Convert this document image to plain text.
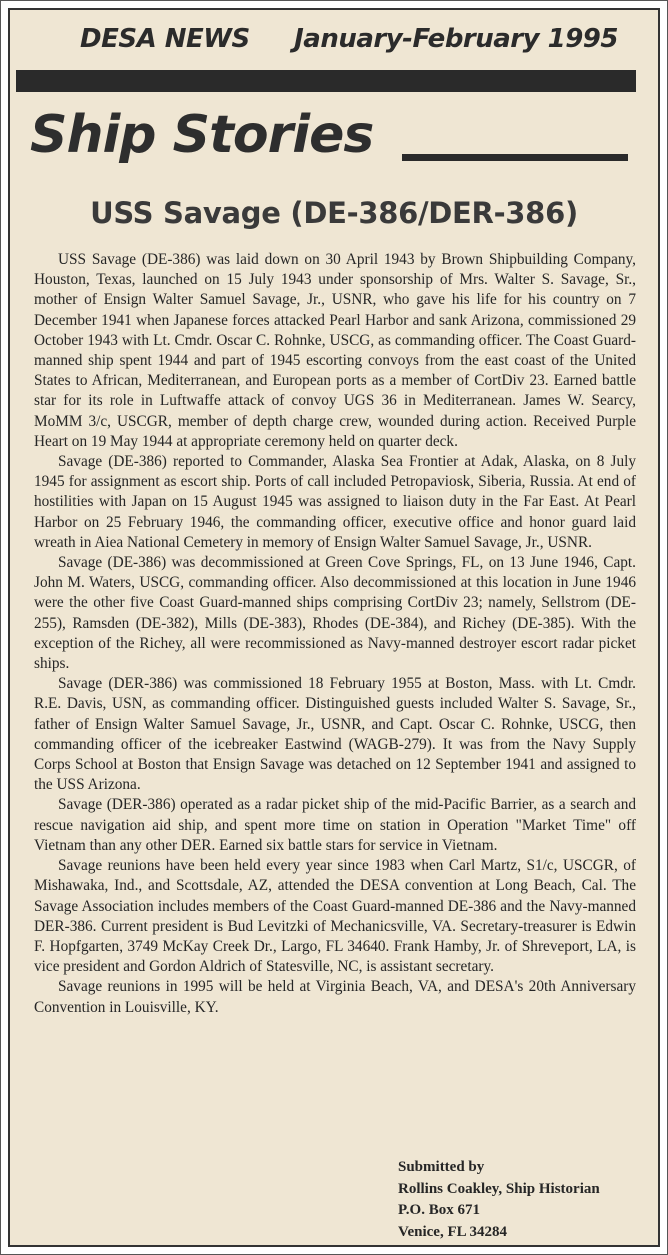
DESA NEWS January-February 1995
Ship Stories
USS Savage (DE-386/DER-386)

USS Savage (DE-386) was laid down on 30 April 1943 by Brown Shipbuilding Company, Houston, Texas, launched on 15 July 1943 under sponsorship of Mrs. Walter S. Savage, Sr., mother of Ensign Walter Samuel Savage, Jr., USNR, who gave his life for his country on 7 December 1941 when Japanese forces attacked Pearl Harbor and sank Arizona, commissioned 29 October 1943 with Lt. Cmdr. Oscar C. Rohnke, USCG, as commanding officer. The Coast Guard-manned ship spent 1944 and part of 1945 escorting convoys from the east coast of the United States to African, Mediterranean, and European ports as a member of CortDiv 23. Earned battle star for its role in Luftwaffe attack of convoy UGS 36 in Mediterranean. James W. Searcy, MoMM 3/c, USCGR, member of depth charge crew, wounded during action. Received Purple Heart on 19 May 1944 at appropriate ceremony held on quarter deck.

Savage (DE-386) reported to Commander, Alaska Sea Frontier at Adak, Alaska, on 8 July 1945 for assignment as escort ship. Ports of call included Petropaviosk, Siberia, Russia. At end of hostilities with Japan on 15 August 1945 was assigned to liaison duty in the Far East. At Pearl Harbor on 25 February 1946, the commanding officer, executive office and honor guard laid wreath in Aiea National Cemetery in memory of Ensign Walter Samuel Savage, Jr., USNR.

Savage (DE-386) was decommissioned at Green Cove Springs, FL, on 13 June 1946, Capt. John M. Waters, USCG, commanding officer. Also decommissioned at this location in June 1946 were the other five Coast Guard-manned ships comprising CortDiv 23; namely, Sellstrom (DE-255), Ramsden (DE-382), Mills (DE-383), Rhodes (DE-384), and Richey (DE-385). With the exception of the Richey, all were recommissioned as Navy-manned destroyer escort radar picket ships.

Savage (DER-386) was commissioned 18 February 1955 at Boston, Mass. with Lt. Cmdr. R.E. Davis, USN, as commanding officer. Distinguished guests included Walter S. Savage, Sr., father of Ensign Walter Samuel Savage, Jr., USNR, and Capt. Oscar C. Rohnke, USCG, then commanding officer of the icebreaker Eastwind (WAGB-279). It was from the Navy Supply Corps School at Boston that Ensign Savage was detached on 12 September 1941 and assigned to the USS Arizona.

Savage (DER-386) operated as a radar picket ship of the mid-Pacific Barrier, as a search and rescue navigation aid ship, and spent more time on station in Operation "Market Time" off Vietnam than any other DER. Earned six battle stars for service in Vietnam.

Savage reunions have been held every year since 1983 when Carl Martz, S1/c, USCGR, of Mishawaka, Ind., and Scottsdale, AZ, attended the DESA convention at Long Beach, Cal. The Savage Association includes members of the Coast Guard-manned DE-386 and the Navy-manned DER-386. Current president is Bud Levitzki of Mechanicsville, VA. Secretary-treasurer is Edwin F. Hopfgarten, 3749 McKay Creek Dr., Largo, FL 34640. Frank Hamby, Jr. of Shreveport, LA, is vice president and Gordon Aldrich of Statesville, NC, is assistant secretary.

Savage reunions in 1995 will be held at Virginia Beach, VA, and DESA's 20th Anniversary Convention in Louisville, KY.

Submitted by
Rollins Coakley, Ship Historian
P.O. Box 671
Venice, FL 34284
